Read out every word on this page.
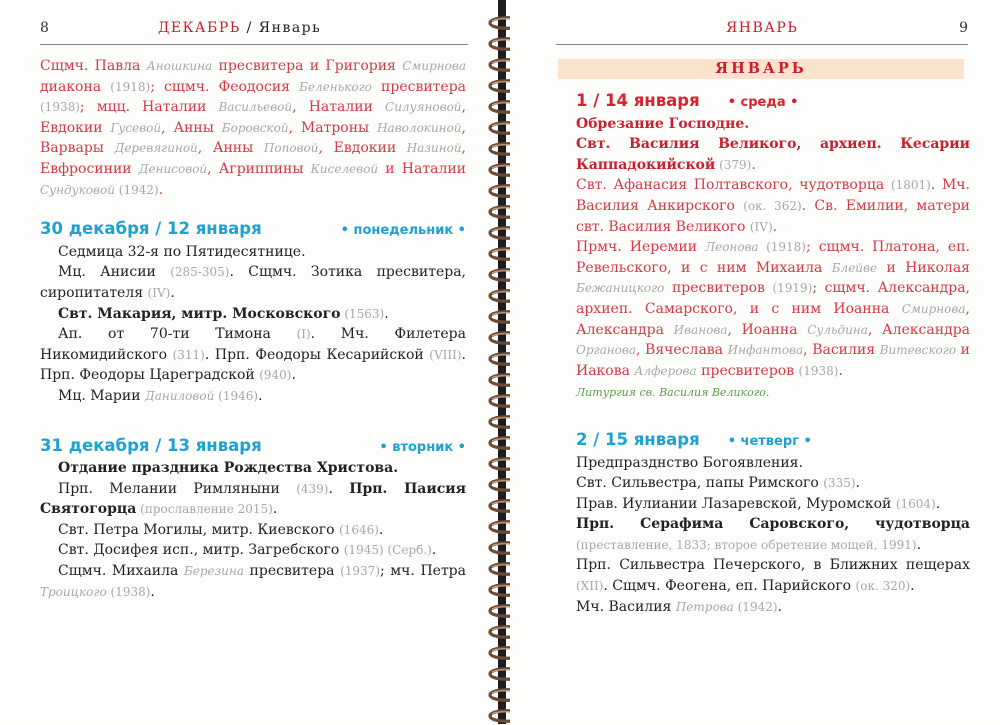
8	ДЕКАБРЬ / Январь

Сщмч. Павла Аношкина пресвитера и Григория Смирнова диакона (1918); сщмч. Феодосия Беленького пресвитера (1938); мцц. Наталии Васильевой, Наталии Силуяновой, Евдокии Гусевой, Анны Боровской, Матроны Наволокиной, Варвары Деревягиной, Анны Поповой, Евдокии Назиной, Евфросинии Денисовой, Агриппины Киселевой и Наталии Сундуковой (1942).

30 декабря / 12 января	• понедельник •

Седмица 32-я по Пятидесятнице.

Мц. Анисии (285-305). Сщмч. Зотика пресвитера, сиропитателя (IV).

Свт. Макария, митр. Московского (1563).

Ап. от 70-ти Тимона (I). Мч. Филетера Никомидийского (311). Прп. Феодоры Кесарийской (VIII). Прп. Феодоры Цареградской (940).

Мц. Марии Даниловой (1946).

31 декабря / 13 января	• вторник •

Отдание праздника Рождества Христова.

Прп. Мелании Римляныни (439). Прп. Паисия Святогорца (прославление 2015).

Свт. Петра Могилы, митр. Киевского (1646).

Свт. Досифея исп., митр. Загребского (1945) (Серб.).

Сщмч. Михаила Березина пресвитера (1937); мч. Петра Троицкого (1938).

ЯНВАРЬ	9
ЯНВАРЬ
1 / 14 января • среда •

Обрезание Господне.

Свт. Василия Великого, архиеп. Кесарии Каппадокийской (379).

Свт. Афанасия Полтавского, чудотворца (1801). Мч. Василия Анкирского (ок. 362). Св. Емилии, матери свт. Василия Великого (IV).

Прмч. Иеремии Леонова (1918); сщмч. Платона, еп. Ревельского, и с ним Михаила Блейве и Николая Бежаницкого пресвитеров (1919); сщмч. Александра, архиеп. Самарского, и с ним Иоанна Смирнова, Александра Иванова, Иоанна Сульдина, Александра Органова, Вячеслава Инфантова, Василия Витевского и Иакова Алферова пресвитеров (1938).

Литургия св. Василия Великого.

2 / 15 января • четверг •

Предпразднство Богоявления.

Свт. Сильвестра, папы Римского (335).

Прав. Иулиании Лазаревской, Муромской (1604).

Прп. Серафима Саровского, чудотворца (преставление, 1833; второе обретение мощей, 1991).

Прп. Сильвестра Печерского, в Ближних пещерах (XII). Сщмч. Феогена, еп. Парийского (ок. 320).

Мч. Василия Петрова (1942).
